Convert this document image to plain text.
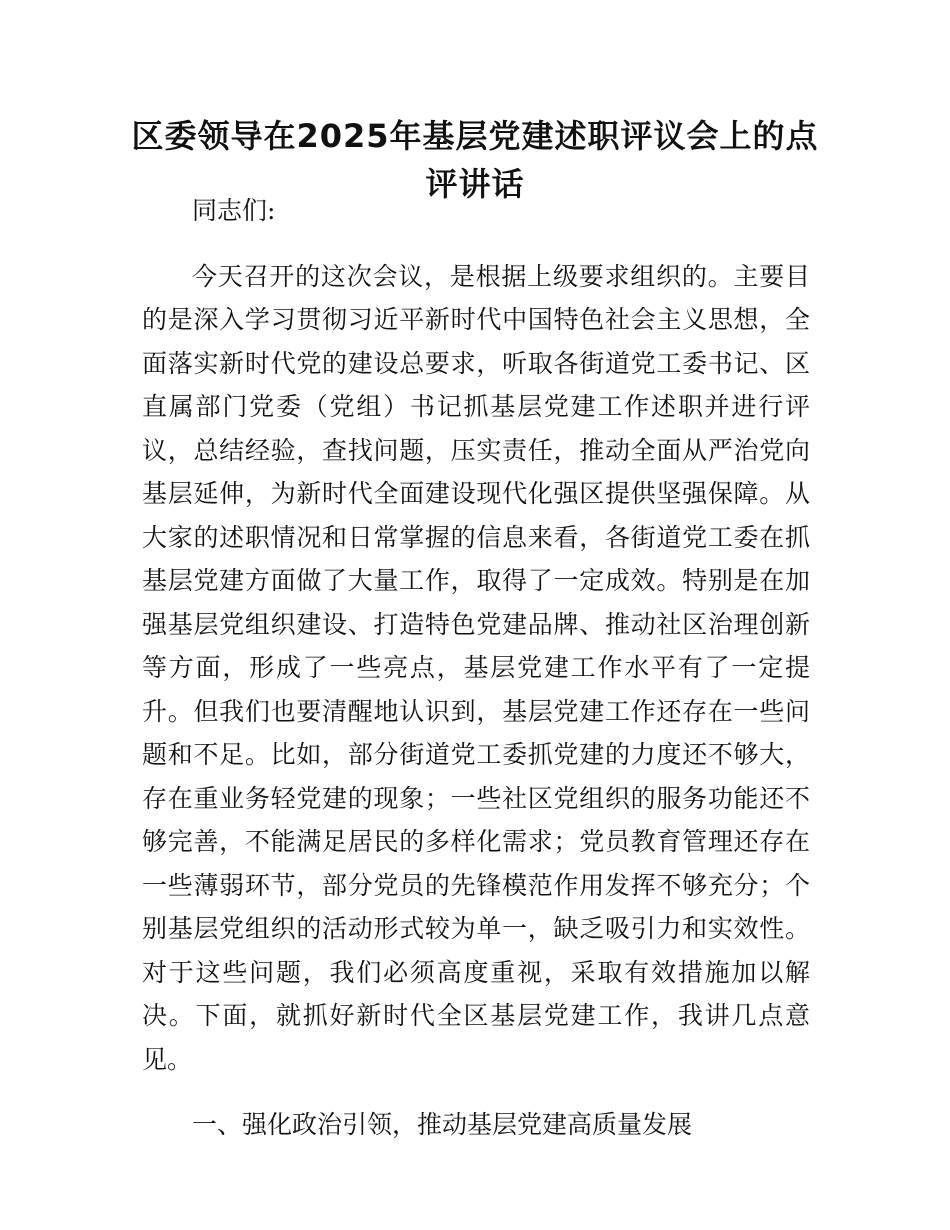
区委领导在2025年基层党建述职评议会上的点评讲话

同志们:

今天召开的这次会议，是根据上级要求组织的。主要目的是深入学习贯彻习近平新时代中国特色社会主义思想，全面落实新时代党的建设总要求，听取各街道党工委书记、区直属部门党委（党组）书记抓基层党建工作述职并进行评议，总结经验，查找问题，压实责任，推动全面从严治党向基层延伸，为新时代全面建设现代化强区提供坚强保障。从大家的述职情况和日常掌握的信息来看，各街道党工委在抓基层党建方面做了大量工作，取得了一定成效。特别是在加强基层党组织建设、打造特色党建品牌、推动社区治理创新等方面，形成了一些亮点，基层党建工作水平有了一定提升。但我们也要清醒地认识到，基层党建工作还存在一些问题和不足。比如，部分街道党工委抓党建的力度还不够大，存在重业务轻党建的现象；一些社区党组织的服务功能还不够完善，不能满足居民的多样化需求；党员教育管理还存在一些薄弱环节，部分党员的先锋模范作用发挥不够充分；个别基层党组织的活动形式较为单一，缺乏吸引力和实效性。对于这些问题，我们必须高度重视，采取有效措施加以解决。下面，就抓好新时代全区基层党建工作，我讲几点意见。

一、强化政治引领，推动基层党建高质量发展
